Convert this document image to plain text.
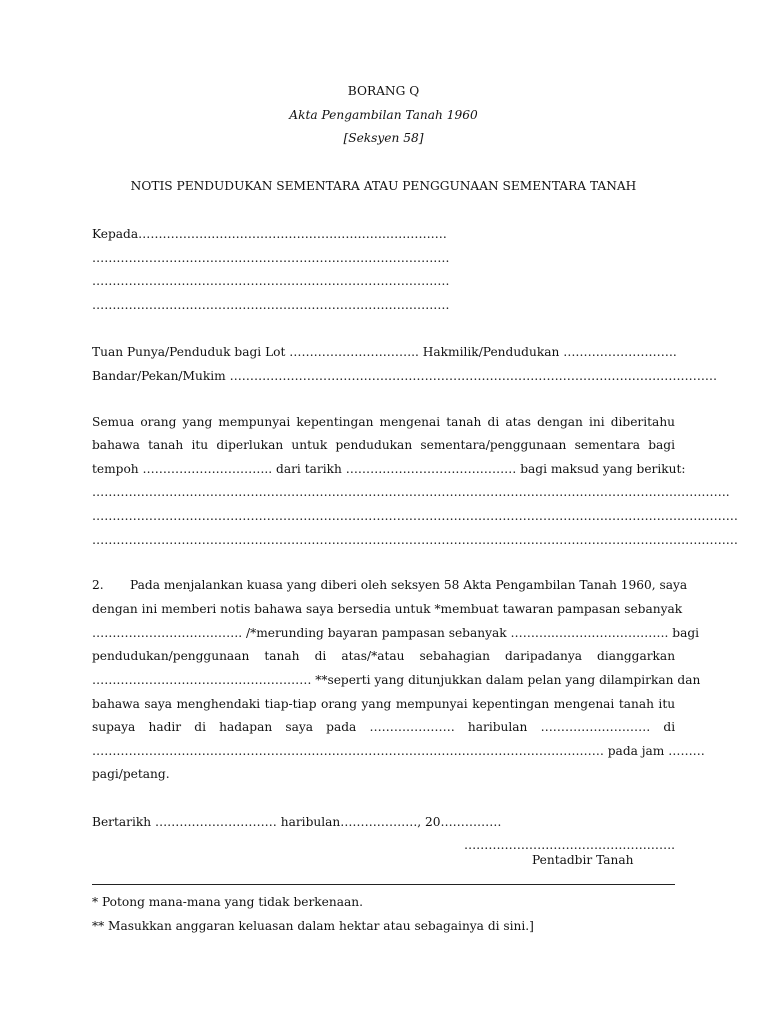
BORANG Q
Akta Pengambilan Tanah 1960
[Seksyen 58]
NOTIS PENDUDUKAN SEMENTARA ATAU PENGGUNAAN SEMENTARA TANAH
Kepada………………………………………………………………….
…………………………………………………………………………….
…………………………………………………………………………….
…………………………………………………………………………….
Tuan Punya/Penduduk bagi Lot ………………………….. Hakmilik/Pendudukan ……………………….
Bandar/Pekan/Mukim …………………………………………………………………………………………………………
Semua orang yang mempunyai kepentingan mengenai tanah di atas dengan ini diberitahu
bahawa tanah itu diperlukan untuk pendudukan sementara/penggunaan sementara bagi
tempoh ………………………….. dari tarikh …………………………………… bagi maksud yang berikut:
………………………………………………………………………………………………………………………………………….
……………………………………………………………………………………………………………………………………………
……………………………………………………………………………………………………………………………………………
2. Pada menjalankan kuasa yang diberi oleh seksyen 58 Akta Pengambilan Tanah 1960, saya
dengan ini memberi notis bahawa saya bersedia untuk *membuat tawaran pampasan sebanyak
………………………………. /*merunding bayaran pampasan sebanyak ………..………………………. bagi
pendudukan/penggunaan tanah di atas/*atau sebahagian daripadanya dianggarkan
……………………………………………… **seperti yang ditunjukkan dalam pelan yang dilampirkan dan
bahawa saya menghendaki tiap-tiap orang yang mempunyai kepentingan mengenai tanah itu
supaya hadir di hadapan saya pada ………………… haribulan ……………………… di
……………………………………………………………………………………………………………… pada jam ………
pagi/petang.
Bertarikh ………………………… haribulan………………., 20……………
…………………………………………….
Pentadbir Tanah
* Potong mana-mana yang tidak berkenaan.
** Masukkan anggaran keluasan dalam hektar atau sebagainya di sini.]
